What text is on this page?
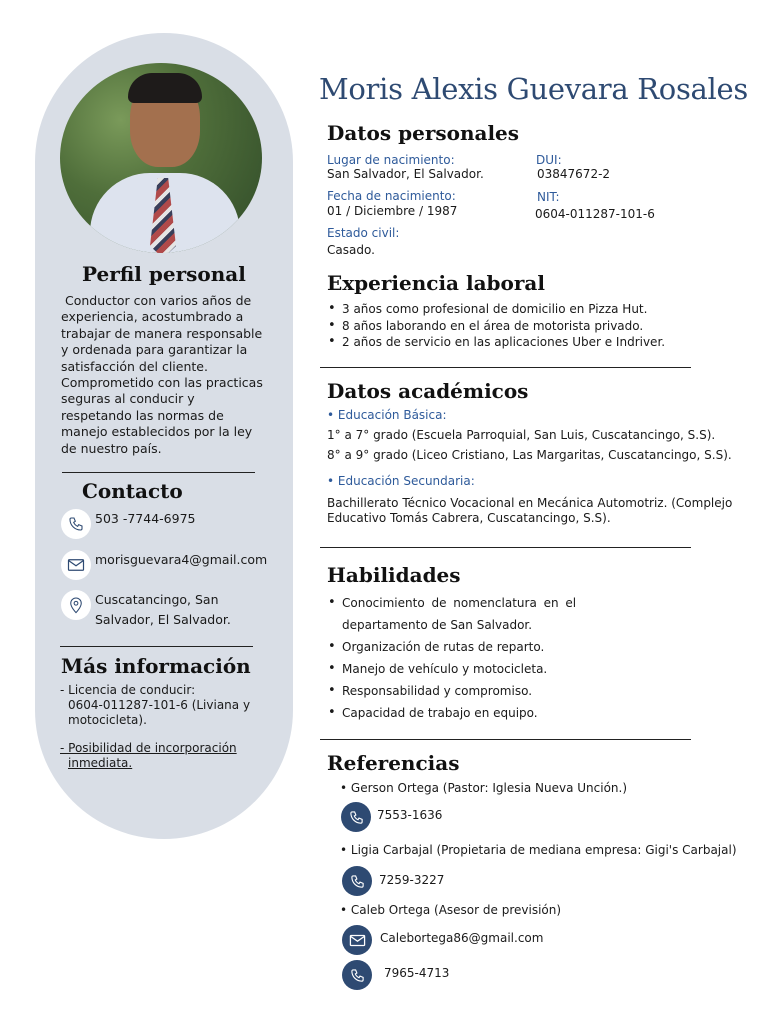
Perfil personal
Conductor con varios años de experiencia, acostumbrado a trabajar de manera responsable y ordenada para garantizar la satisfacción del cliente. Comprometido con las practicas seguras al conducir y respetando las normas de manejo establecidos por la ley de nuestro país.
Contacto
503 -7744-6975
morisguevara4@gmail.com
Cuscatancingo, San
Salvador, El Salvador.
Más información
- Licencia de conducir:
0604-011287-101-6 (Liviana y
motocicleta).
- Posibilidad de incorporación
inmediata.
Moris Alexis Guevara Rosales
Datos personales
Lugar de nacimiento:
San Salvador, El Salvador.
Fecha de nacimiento:
01 / Diciembre / 1987
Estado civil:
Casado.
DUI:
03847672-2
NIT:
0604-011287-101-6
Experiencia laboral
• 3 años como profesional de domicilio en Pizza Hut.
• 8 años laborando en el área de motorista privado.
• 2 años de servicio en las aplicaciones Uber e Indriver.
Datos académicos
• Educación Básica:
1° a 7° grado (Escuela Parroquial, San Luis, Cuscatancingo, S.S).
8° a 9° grado (Liceo Cristiano, Las Margaritas, Cuscatancingo, S.S).
• Educación Secundaria:
Bachillerato Técnico Vocacional en Mecánica Automotriz. (Complejo
Educativo Tomás Cabrera, Cuscatancingo, S.S).
Habilidades
• Conocimiento de nomenclatura en el
departamento de San Salvador.
• Organización de rutas de reparto.
• Manejo de vehículo y motocicleta.
• Responsabilidad y compromiso.
• Capacidad de trabajo en equipo.
Referencias
• Gerson Ortega (Pastor: Iglesia Nueva Unción.)
7553-1636
• Ligia Carbajal (Propietaria de mediana empresa: Gigi's Carbajal)
7259-3227
• Caleb Ortega (Asesor de previsión)
Calebortega86@gmail.com
7965-4713
